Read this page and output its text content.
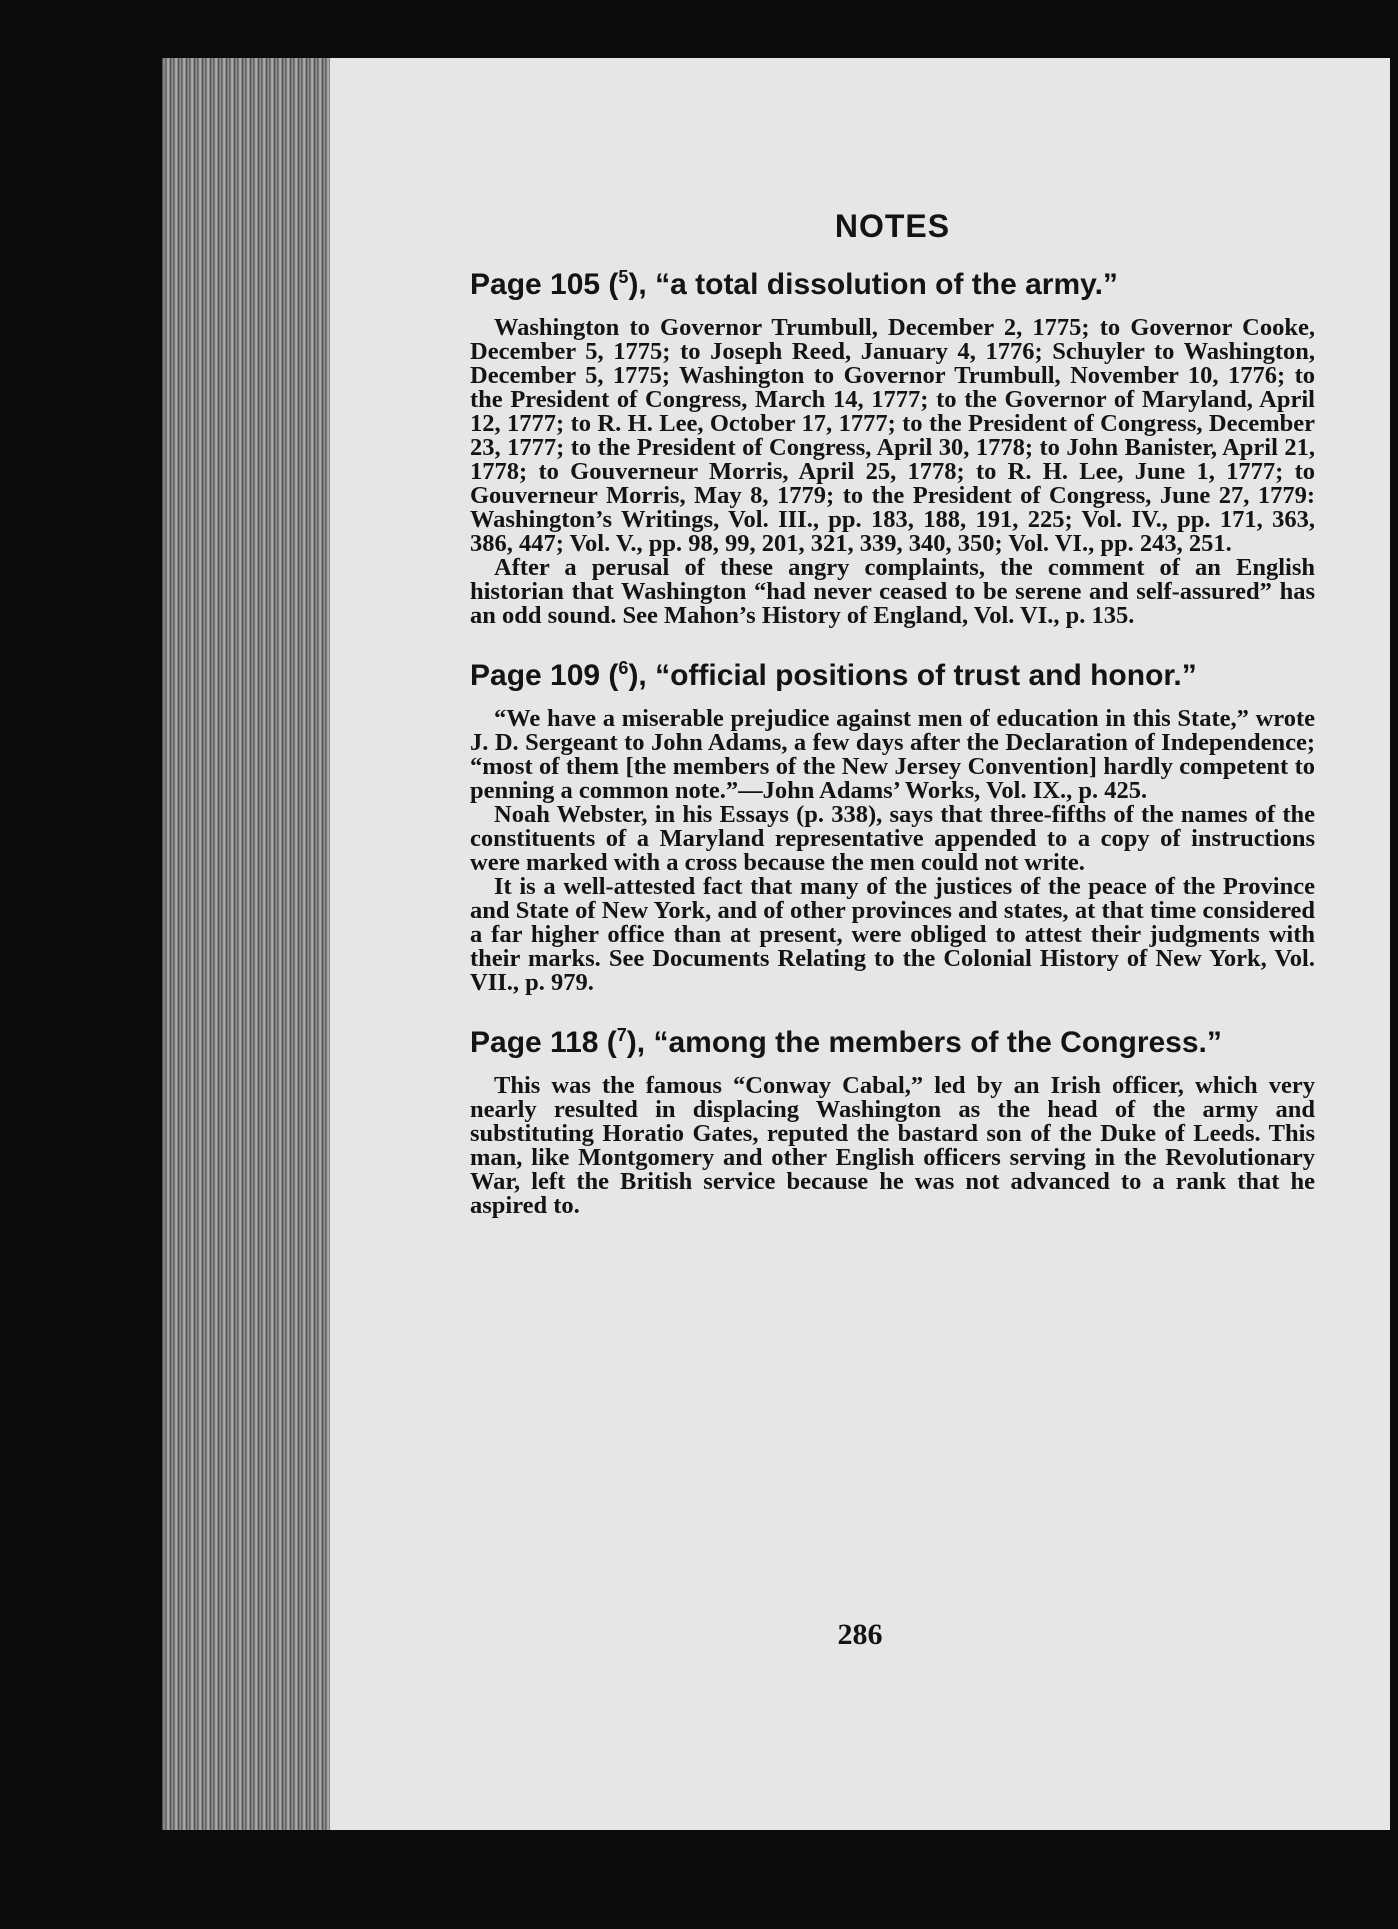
NOTES
Page 105 ($^5$), “a total dissolution of the army.”

Washington to Governor Trumbull, December 2, 1775; to Governor Cooke, December 5, 1775; to Joseph Reed, January 4, 1776; Schuyler to Washington, December 5, 1775; Washington to Governor Trumbull, November 10, 1776; to the President of Congress, March 14, 1777; to the Governor of Maryland, April 12, 1777; to R. H. Lee, October 17, 1777; to the President of Congress, December 23, 1777; to the President of Congress, April 30, 1778; to John Banister, April 21, 1778; to Gouverneur Morris, April 25, 1778; to R. H. Lee, June 1, 1777; to Gouverneur Morris, May 8, 1779; to the President of Congress, June 27, 1779: Washington’s Writings, Vol. III., pp. 183, 188, 191, 225; Vol. IV., pp. 171, 363, 386, 447; Vol. V., pp. 98, 99, 201, 321, 339, 340, 350; Vol. VI., pp. 243, 251.

After a perusal of these angry complaints, the comment of an English historian that Washington “had never ceased to be serene and self-assured” has an odd sound. See Mahon’s History of England, Vol. VI., p. 135.

Page 109 ($^6$), “official positions of trust and honor.”

“We have a miserable prejudice against men of education in this State,” wrote J. D. Sergeant to John Adams, a few days after the Declaration of Independence; “most of them [the members of the New Jersey Convention] hardly competent to penning a common note.”—John Adams’ Works, Vol. IX., p. 425.

Noah Webster, in his Essays (p. 338), says that three-fifths of the names of the constituents of a Maryland representative appended to a copy of instructions were marked with a cross because the men could not write.

It is a well-attested fact that many of the justices of the peace of the Province and State of New York, and of other provinces and states, at that time considered a far higher office than at present, were obliged to attest their judgments with their marks. See Documents Relating to the Colonial History of New York, Vol. VII., p. 979.

Page 118 ($^7$), “among the members of the Congress.”

This was the famous “Conway Cabal,” led by an Irish officer, which very nearly resulted in displacing Washington as the head of the army and substituting Horatio Gates, reputed the bastard son of the Duke of Leeds. This man, like Montgomery and other English officers serving in the Revolutionary War, left the British service because he was not advanced to a rank that he aspired to.

286
